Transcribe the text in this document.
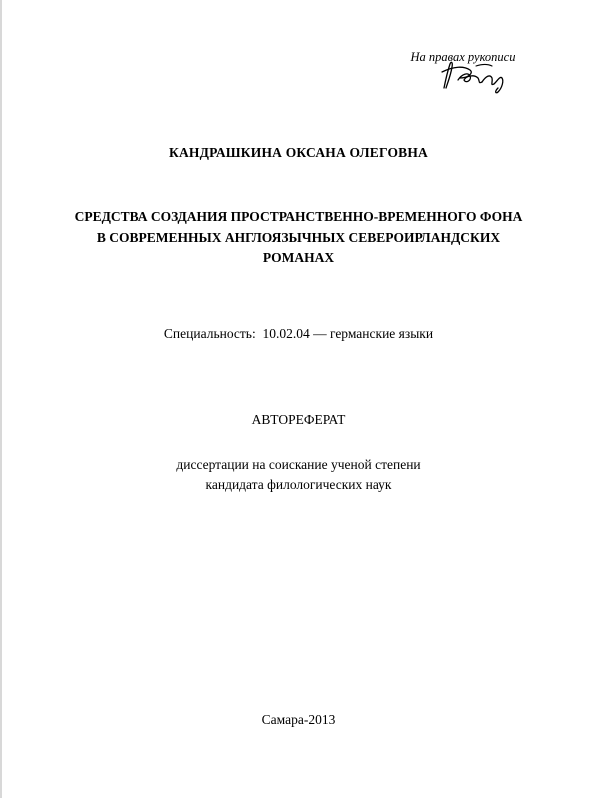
На правах рукописи
КАНДРАШКИНА ОКСАНА ОЛЕГОВНА
СРЕДСТВА СОЗДАНИЯ ПРОСТРАНСТВЕННО-ВРЕМЕННОГО ФОНА
В СОВРЕМЕННЫХ АНГЛОЯЗЫЧНЫХ СЕВЕРОИРЛАНДСКИХ
РОМАНАХ
Специальность:  10.02.04 — германские языки
АВТОРЕФЕРАТ
диссертации на соискание ученой степени
кандидата филологических наук
Самара-2013
